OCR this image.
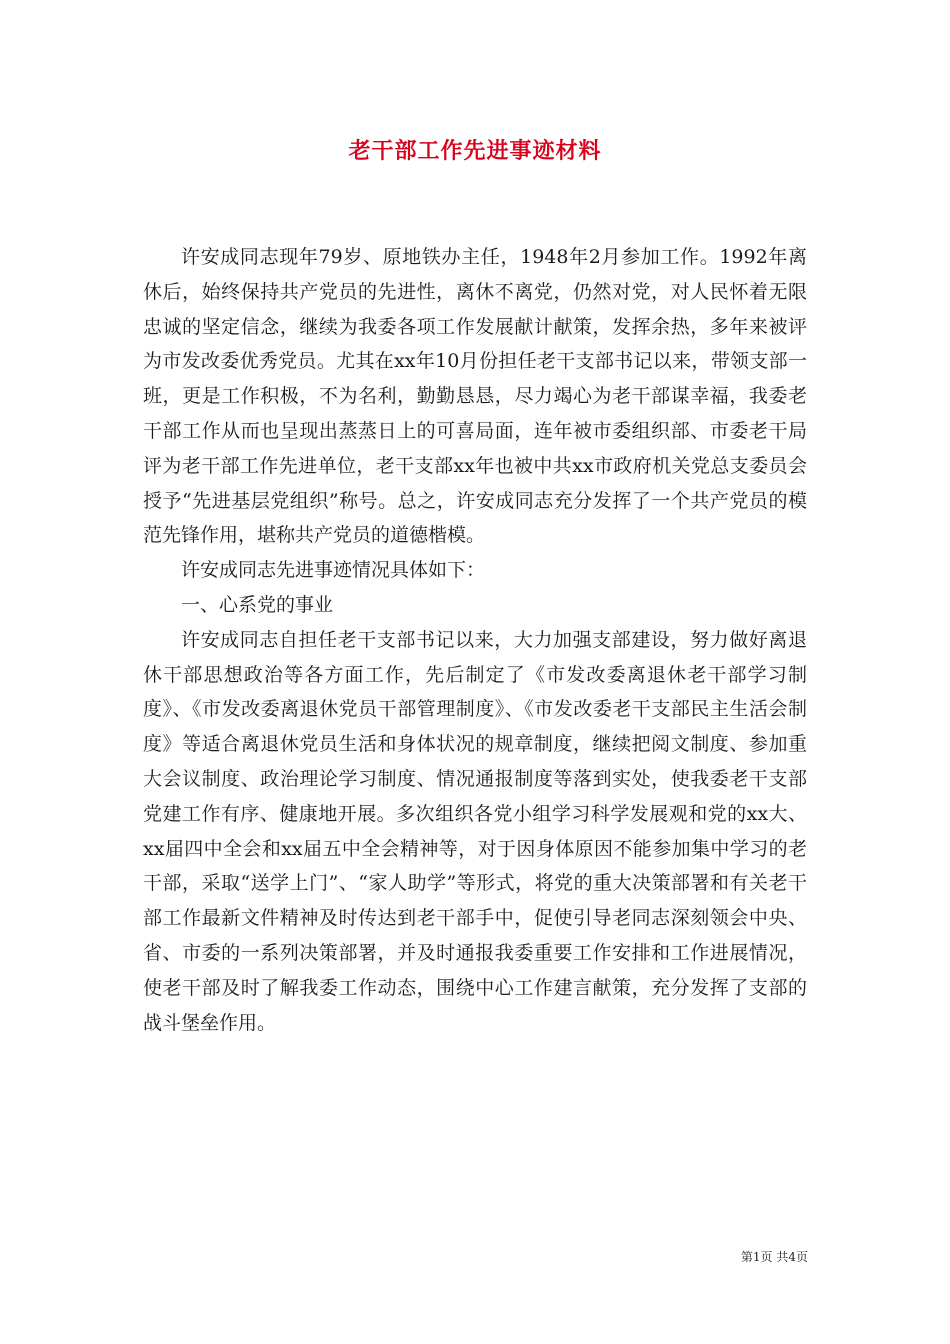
老干部工作先进事迹材料

许安成同志现年79岁、原地铁办主任，1948年2月参加工作。1992年离休后，始终保持共产党员的先进性，离休不离党，仍然对党，对人民怀着无限忠诚的坚定信念，继续为我委各项工作发展献计献策，发挥余热，多年来被评为市发改委优秀党员。尤其在xx年10月份担任老干支部书记以来，带领支部一班，更是工作积极，不为名利，勤勤恳恳，尽力竭心为老干部谋幸福，我委老干部工作从而也呈现出蒸蒸日上的可喜局面，连年被市委组织部、市委老干局评为老干部工作先进单位，老干支部xx年也被中共xx市政府机关党总支委员会授予“先进基层党组织”称号。总之，许安成同志充分发挥了一个共产党员的模范先锋作用，堪称共产党员的道德楷模。

许安成同志先进事迹情况具体如下：

一、心系党的事业

许安成同志自担任老干支部书记以来，大力加强支部建设，努力做好离退休干部思想政治等各方面工作，先后制定了《市发改委离退休老干部学习制度》、《市发改委离退休党员干部管理制度》、《市发改委老干支部民主生活会制度》等适合离退休党员生活和身体状况的规章制度，继续把阅文制度、参加重大会议制度、政治理论学习制度、情况通报制度等落到实处，使我委老干支部党建工作有序、健康地开展。多次组织各党小组学习科学发展观和党的xx大、xx届四中全会和xx届五中全会精神等，对于因身体原因不能参加集中学习的老干部，采取“送学上门”、“家人助学”等形式，将党的重大决策部署和有关老干部工作最新文件精神及时传达到老干部手中，促使引导老同志深刻领会中央、省、市委的一系列决策部署，并及时通报我委重要工作安排和工作进展情况，使老干部及时了解我委工作动态，围绕中心工作建言献策，充分发挥了支部的战斗堡垒作用。

第1页 共4页
